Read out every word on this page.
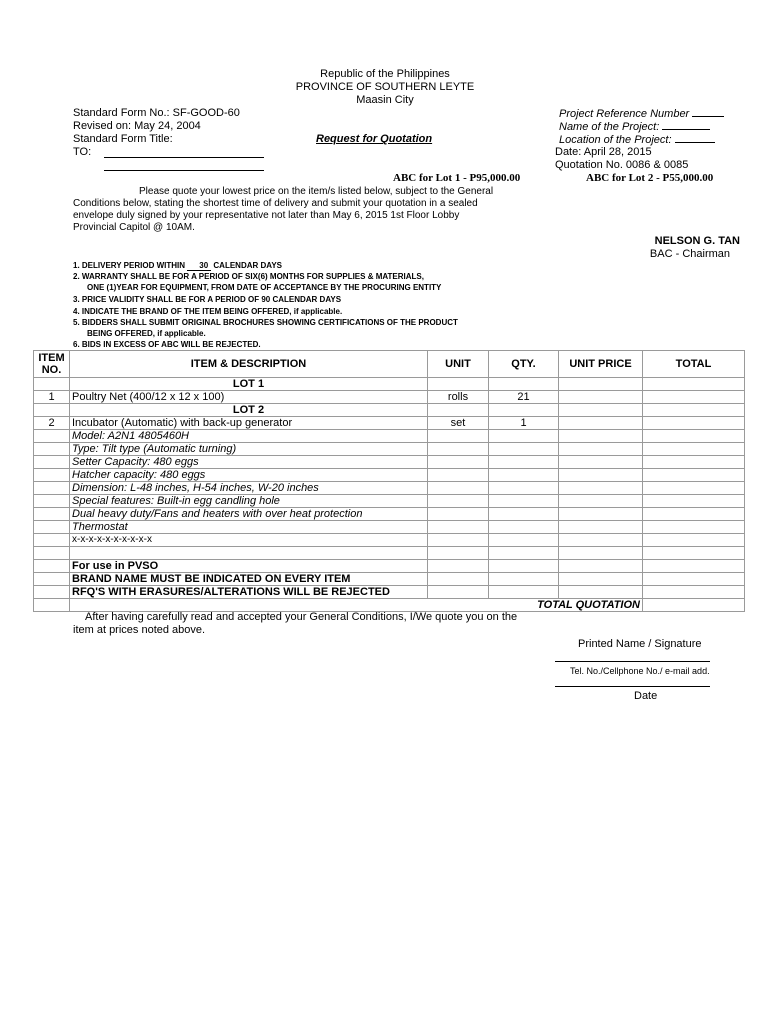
Republic of the Philippines
PROVINCE OF SOUTHERN LEYTE
Maasin City
Standard Form No.: SF-GOOD-60
Revised on: May 24, 2004
Standard Form Title:
TO:
Request for Quotation
Project Reference Number
Name of the Project:
Location of the Project:
Date: April 28, 2015
Quotation No. 0086 & 0085
ABC for Lot 1 - P95,000.00	ABC for Lot 2 - P55,000.00
Please quote your lowest price on the item/s listed below, subject to the General
Conditions below, stating the shortest time of delivery and submit your quotation in a sealed
envelope duly signed by your representative not later than May 6, 2015 1st Floor Lobby
Provincial Capitol @ 10AM.
NELSON G. TAN
BAC - Chairman
1. DELIVERY PERIOD WITHIN 30 CALENDAR DAYS
2. WARRANTY SHALL BE FOR A PERIOD OF SIX(6) MONTHS FOR SUPPLIES & MATERIALS,
ONE (1)YEAR FOR EQUIPMENT, FROM DATE OF ACCEPTANCE BY THE PROCURING ENTITY
3. PRICE VALIDITY SHALL BE FOR A PERIOD OF 90 CALENDAR DAYS
4. INDICATE THE BRAND OF THE ITEM BEING OFFERED, if applicable.
5. BIDDERS SHALL SUBMIT ORIGINAL BROCHURES SHOWING CERTIFICATIONS OF THE PRODUCT
BEING OFFERED, if applicable.
6. BIDS IN EXCESS OF ABC WILL BE REJECTED.
ITEM NO.	ITEM & DESCRIPTION	UNIT	QTY.	UNIT PRICE	TOTAL
	LOT 1				
1	Poultry Net (400/12 x 12 x 100)	rolls	21		
	LOT 2				
2	Incubator (Automatic) with back-up generator	set	1		
	Model: A2N1 4805460H				
	Type: Tilt type (Automatic turning)				
	Setter Capacity: 480 eggs				
	Hatcher capacity: 480 eggs				
	Dimension: L-48 inches, H-54 inches, W-20 inches				
	Special features: Built-in egg candling hole				
	Dual heavy duty/Fans and heaters with over heat protection				
	Thermostat				
	x-x-x-x-x-x-x-x-x-x				

	For use in PVSO				
	BRAND NAME MUST BE INDICATED ON EVERY ITEM				
	RFQ'S WITH ERASURES/ALTERATIONS WILL BE REJECTED				
	TOTAL QUOTATION				
After having carefully read and accepted your General Conditions, I/We quote you on the
item at prices noted above.
Printed Name / Signature
Tel. No./Cellphone No./ e-mail add.
Date
